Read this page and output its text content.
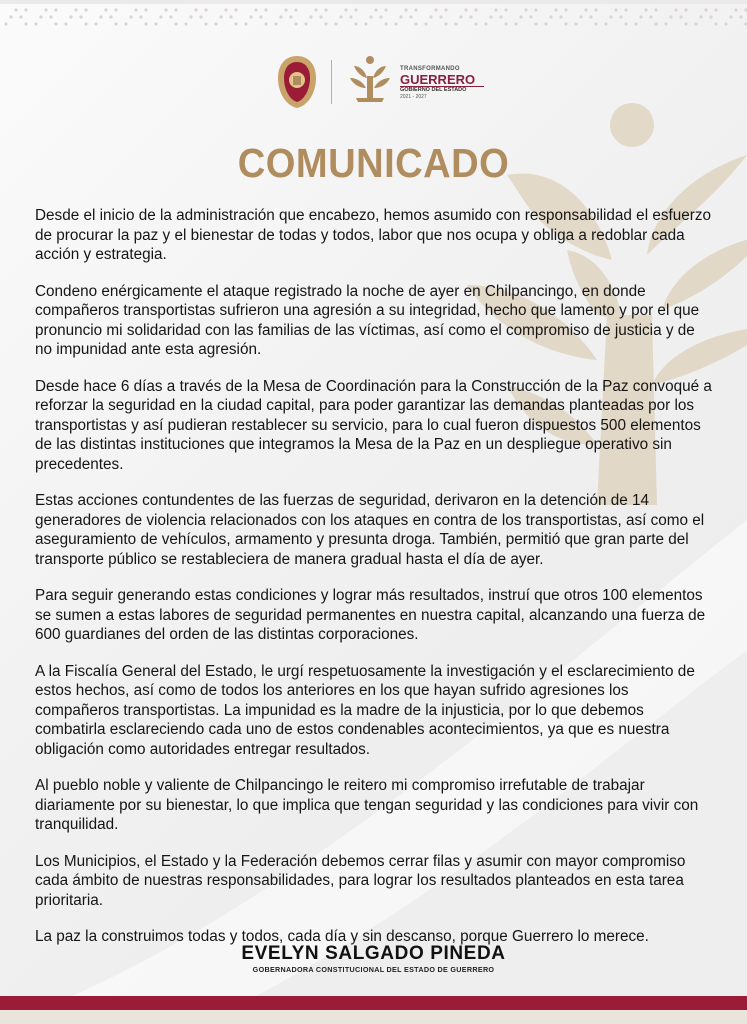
TRANSFORMANDO
GUERRERO
GOBIERNO DEL ESTADO
2021 - 2027
COMUNICADO

Desde el inicio de la administración que encabezo, hemos asumido con responsabilidad el esfuerzo de procurar la paz y el bienestar de todas y todos, labor que nos ocupa y obliga a redoblar cada acción y estrategia.

Condeno enérgicamente el ataque registrado la noche de ayer en Chilpancingo, en donde compañeros transportistas sufrieron una agresión a su integridad, hecho que lamento y por el que pronuncio mi solidaridad con las familias de las víctimas, así como el compromiso de justicia y de no impunidad ante esta agresión.

Desde hace 6 días a través de la Mesa de Coordinación para la Construcción de la Paz convoqué a reforzar la seguridad en la ciudad capital, para poder garantizar las demandas planteadas por los transportistas y así pudieran restablecer su servicio, para lo cual fueron dispuestos 500 elementos de las distintas instituciones que integramos la Mesa de la Paz en un despliegue operativo sin precedentes.

Estas acciones contundentes de las fuerzas de seguridad, derivaron en la detención de 14 generadores de violencia relacionados con los ataques en contra de los transportistas, así como el aseguramiento de vehículos, armamento y presunta droga. También, permitió que gran parte del transporte público se restableciera de manera gradual hasta el día de ayer.

Para seguir generando estas condiciones y lograr más resultados, instruí que otros 100 elementos se sumen a estas labores de seguridad permanentes en nuestra capital, alcanzando una fuerza de 600 guardianes del orden de las distintas corporaciones.

A la Fiscalía General del Estado, le urgí respetuosamente la investigación y el esclarecimiento de estos hechos, así como de todos los anteriores en los que hayan sufrido agresiones los compañeros transportistas. La impunidad es la madre de la injusticia, por lo que debemos combatirla esclareciendo cada uno de estos condenables acontecimientos, ya que es nuestra obligación como autoridades entregar resultados.

Al pueblo noble y valiente de Chilpancingo le reitero mi compromiso irrefutable de trabajar diariamente por su bienestar, lo que implica que tengan seguridad y las condiciones para vivir con tranquilidad.

Los Municipios, el Estado y la Federación debemos cerrar filas y asumir con mayor compromiso cada ámbito de nuestras responsabilidades, para lograr los resultados planteados en esta tarea prioritaria.

La paz la construimos todas y todos, cada día y sin descanso, porque Guerrero lo merece.

EVELYN SALGADO PINEDA
GOBERNADORA CONSTITUCIONAL DEL ESTADO DE GUERRERO
